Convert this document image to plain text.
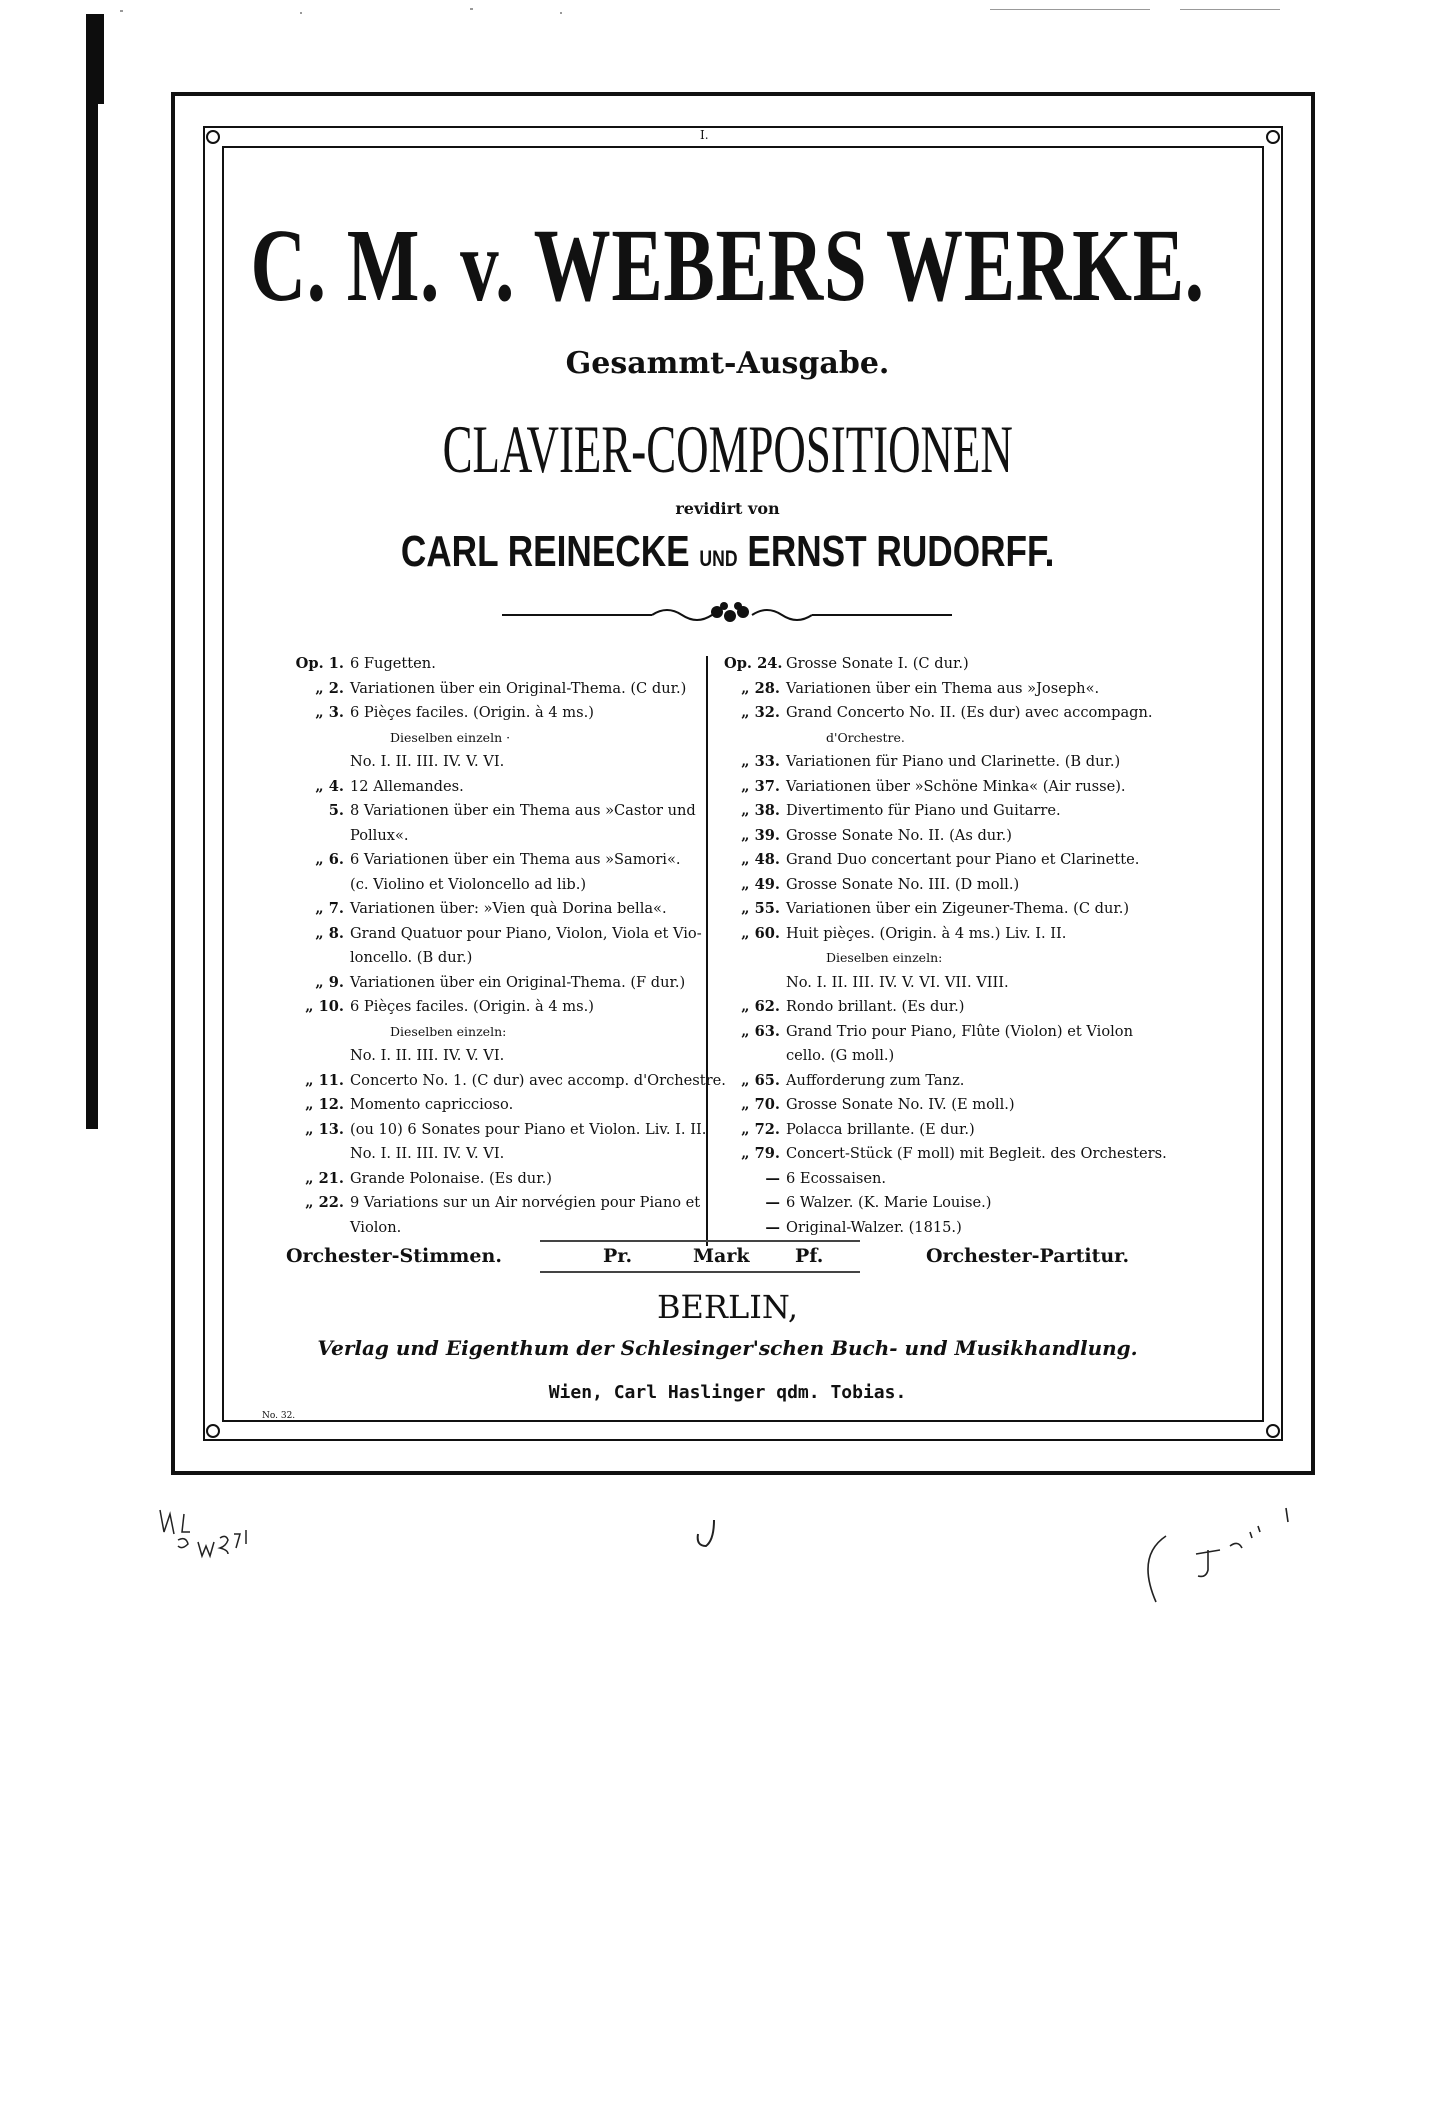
I.
C. M. v. WEBERS WERKE.
Gesammt-Ausgabe.
CLAVIER-COMPOSITIONEN
revidirt von
CARL REINECKE UND ERNST RUDORFF.
Op. 1. 6 Fugetten.
„ 2. Variationen über ein Original-Thema. (C dur.)
„ 3. 6 Pièçes faciles. (Origin. à 4 ms.)
Dieselben einzeln ·
No. I. II. III. IV. V. VI.
„ 4. 12 Allemandes.
5. 8 Variationen über ein Thema aus »Castor und
Pollux«.
„ 6. 6 Variationen über ein Thema aus »Samori«.
(c. Violino et Violoncello ad lib.)
„ 7. Variationen über: »Vien quà Dorina bella«.
„ 8. Grand Quatuor pour Piano, Violon, Viola et Vio-
loncello. (B dur.)
„ 9. Variationen über ein Original-Thema. (F dur.)
„ 10. 6 Pièçes faciles. (Origin. à 4 ms.)
Dieselben einzeln:
No. I. II. III. IV. V. VI.
„ 11. Concerto No. 1. (C dur) avec accomp. d'Orchestre.
„ 12. Momento capriccioso.
„ 13. (ou 10) 6 Sonates pour Piano et Violon. Liv. I. II.
No. I. II. III. IV. V. VI.
„ 21. Grande Polonaise. (Es dur.)
„ 22. 9 Variations sur un Air norvégien pour Piano et
Violon.
Op. 24. Grosse Sonate I. (C dur.)
„ 28. Variationen über ein Thema aus »Joseph«.
„ 32. Grand Concerto No. II. (Es dur) avec accompagn.
d'Orchestre.
„ 33. Variationen für Piano und Clarinette. (B dur.)
„ 37. Variationen über »Schöne Minka« (Air russe).
„ 38. Divertimento für Piano und Guitarre.
„ 39. Grosse Sonate No. II. (As dur.)
„ 48. Grand Duo concertant pour Piano et Clarinette.
„ 49. Grosse Sonate No. III. (D moll.)
„ 55. Variationen über ein Zigeuner-Thema. (C dur.)
„ 60. Huit pièçes. (Origin. à 4 ms.) Liv. I. II.
Dieselben einzeln:
No. I. II. III. IV. V. VI. VII. VIII.
„ 62. Rondo brillant. (Es dur.)
„ 63. Grand Trio pour Piano, Flûte (Violon) et Violon
cello. (G moll.)
„ 65. Aufforderung zum Tanz.
„ 70. Grosse Sonate No. IV. (E moll.)
„ 72. Polacca brillante. (E dur.)
„ 79. Concert-Stück (F moll) mit Begleit. des Orchesters.
— 6 Ecossaisen.
— 6 Walzer. (K. Marie Louise.)
— Original-Walzer. (1815.)
Orchester-Stimmen.	Pr.	Mark Pf.	Orchester-Partitur.
BERLIN,
Verlag und Eigenthum der Schlesinger'schen Buch- und Musikhandlung.
Wien, Carl Haslinger qdm. Tobias.
No. 32.
